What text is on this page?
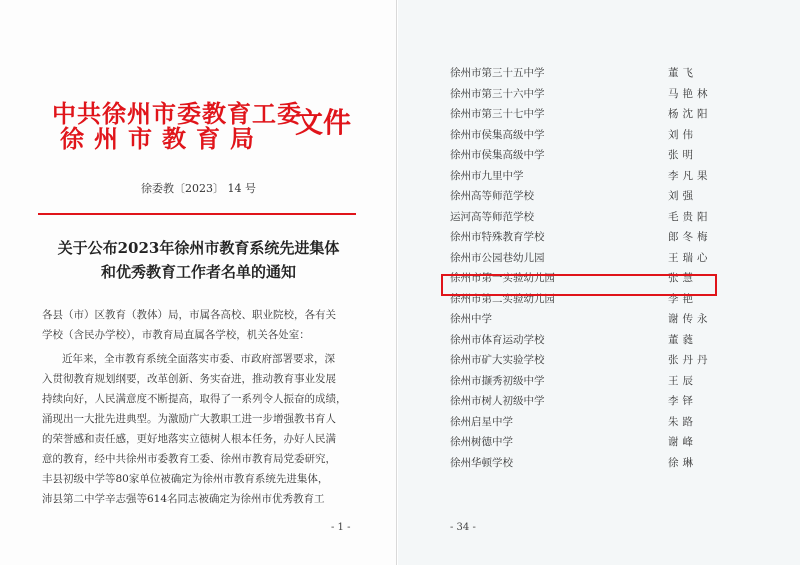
中共徐州市委教育工委
徐州市教育局 文件
徐委教〔2023〕 14 号
关于公布2023年徐州市教育系统先进集体
和优秀教育工作者名单的通知
各县（市）区教育（教体）局，市属各高校、职业院校，各有关
学校（含民办学校），市教育局直属各学校，机关各处室：
近年来，全市教育系统全面落实市委、市政府部署要求，深
入贯彻教育规划纲要，改革创新、务实奋进，推动教育事业发展
持续向好，人民满意度不断提高，取得了一系列令人振奋的成绩，
涌现出一大批先进典型。为激励广大教职工进一步增强教书育人
的荣誉感和责任感，更好地落实立德树人根本任务，办好人民满
意的教育，经中共徐州市委教育工委、徐州市教育局党委研究，
丰县初级中学等80家单位被确定为徐州市教育系统先进集体，
沛县第二中学辛志强等614名同志被确定为徐州市优秀教育工
- 1 -
徐州市第三十五中学	董飞
徐州市第三十六中学	马艳林
徐州市第三十七中学	杨沈阳
徐州市侯集高级中学	刘伟
徐州市侯集高级中学	张明
徐州市九里中学	李凡果
徐州高等师范学校	刘强
运河高等师范学校	毛贵阳
徐州市特殊教育学校	郎冬梅
徐州市公园巷幼儿园	王瑞心
徐州市第一实验幼儿园	张慧
徐州市第二实验幼儿园	李艳
徐州中学	谢传永
徐州市体育运动学校	董蕤
徐州市矿大实验学校	张丹丹
徐州市撷秀初级中学	王辰
徐州市树人初级中学	李铎
徐州启星中学	朱路
徐州树德中学	谢峰
徐州华顿学校	徐琳
- 34 -
